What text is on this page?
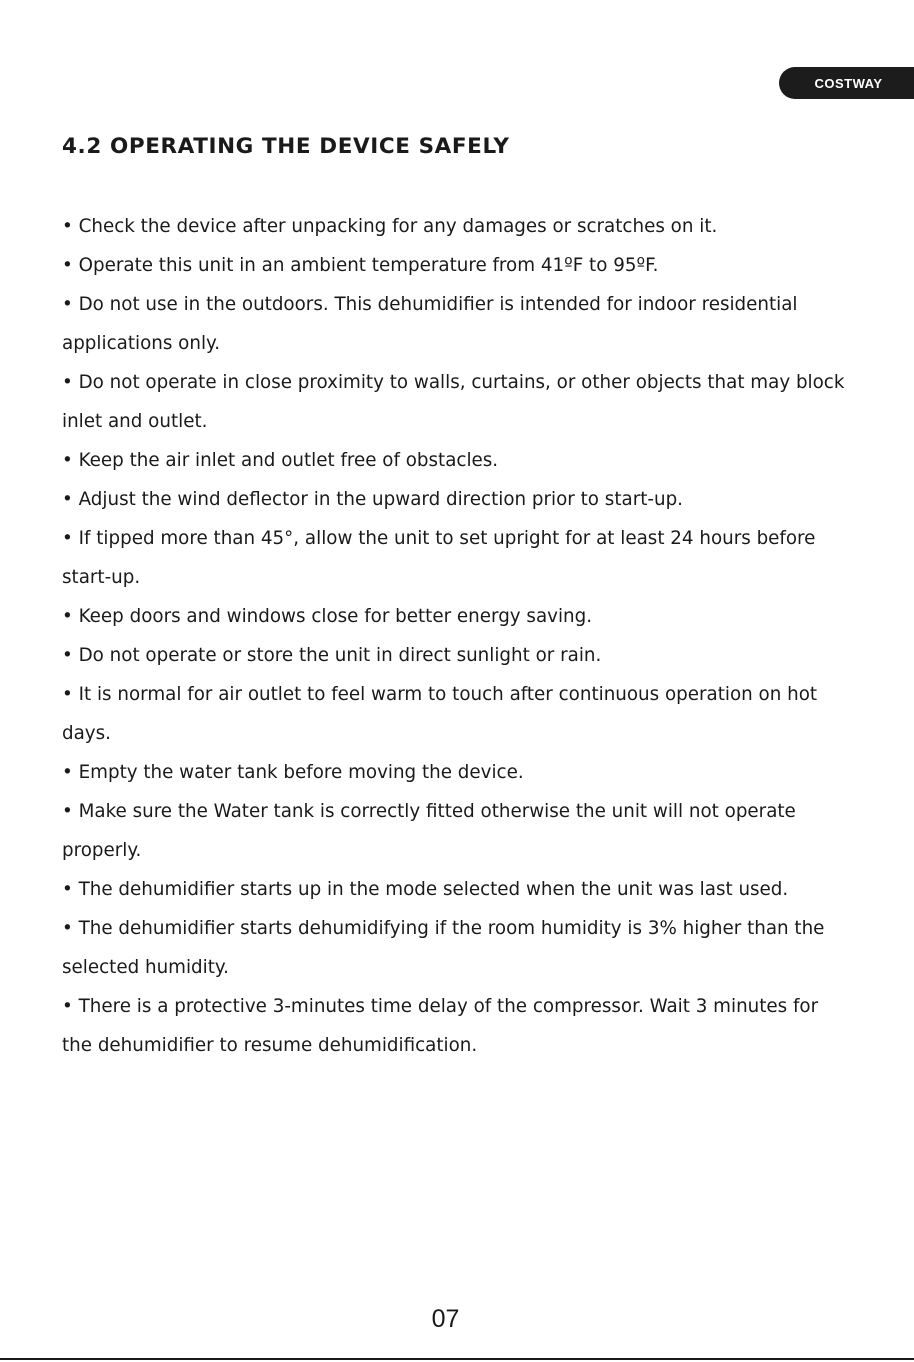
COSTWAY
4.2 OPERATING THE DEVICE SAFELY
• Check the device after unpacking for any damages or scratches on it.
• Operate this unit in an ambient temperature from 41ºF to 95ºF.
• Do not use in the outdoors. This dehumidifier is intended for indoor residential applications only.
• Do not operate in close proximity to walls, curtains, or other objects that may block inlet and outlet.
• Keep the air inlet and outlet free of obstacles.
• Adjust the wind deflector in the upward direction prior to start-up.
• If tipped more than 45°, allow the unit to set upright for at least 24 hours before start-up.
• Keep doors and windows close for better energy saving.
• Do not operate or store the unit in direct sunlight or rain.
• It is normal for air outlet to feel warm to touch after continuous operation on hot days.
• Empty the water tank before moving the device.
• Make sure the Water tank is correctly fitted otherwise the unit will not operate properly.
• The dehumidifier starts up in the mode selected when the unit was last used.
• The dehumidifier starts dehumidifying if the room humidity is 3% higher than the selected humidity.
• There is a protective 3-minutes time delay of the compressor. Wait 3 minutes for the dehumidifier to resume dehumidification.
07
